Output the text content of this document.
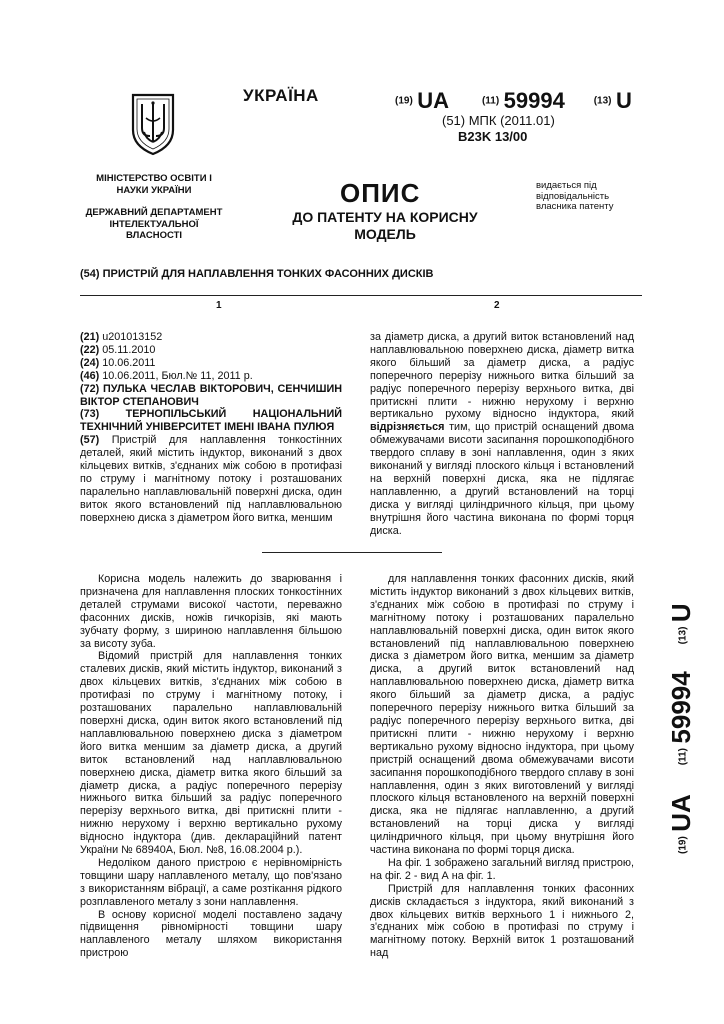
УКРАЇНА	(19) UA	(11) 59994	(13) U
(51) МПК (2011.01)
B23K 13/00
МІНІСТЕРСТВО ОСВІТИ І НАУКИ УКРАЇНИ
ДЕРЖАВНИЙ ДЕПАРТАМЕНТ ІНТЕЛЕКТУАЛЬНОЇ ВЛАСНОСТІ
ОПИС
ДО ПАТЕНТУ НА КОРИСНУ МОДЕЛЬ
видається під відповідальність власника патенту
(54) ПРИСТРІЙ ДЛЯ НАПЛАВЛЕННЯ ТОНКИХ ФАСОННИХ ДИСКІВ
1	2

(21) u201013152

(22) 05.11.2010

(24) 10.06.2011

(46) 10.06.2011, Бюл.№ 11, 2011 р.

(72) ПУЛЬКА ЧЕСЛАВ ВІКТОРОВИЧ, СЕНЧИШИН ВІКТОР СТЕПАНОВИЧ

(73) ТЕРНОПІЛЬСЬКИЙ НАЦІОНАЛЬНИЙ ТЕХНІЧНИЙ УНІВЕРСИТЕТ ІМЕНІ ІВАНА ПУЛЮЯ

(57) Пристрій для наплавлення тонкостінних деталей, який містить індуктор, виконаний з двох кільцевих витків, з'єднаних між собою в протифазі по струму і магнітному потоку і розташованих паралельно наплавлювальній поверхні диска, один виток якого встановлений під наплавлювальною поверхнею диска з діаметром його витка, меншим

за діаметр диска, а другий виток встановлений над наплавлювальною поверхнею диска, діаметр витка якого більший за діаметр диска, а радіус поперечного перерізу нижнього витка більший за радіус поперечного перерізу верхнього витка, дві притискні плити - нижню нерухому і верхню вертикально рухому відносно індуктора, який відрізняється тим, що пристрій оснащений двома обмежувачами висоти засипання порошкоподібного твердого сплаву в зоні наплавлення, один з яких виконаний у вигляді плоского кільця і встановлений на верхній поверхні диска, яка не підлягає наплавленню, а другий встановлений на торці диска у вигляді циліндричного кільця, при цьому внутрішня його частина виконана по формі торця диска.

Корисна модель належить до зварювання і призначена для наплавлення плоских тонкостінних деталей струмами високої частоти, переважно фасонних дисків, ножів гичкорізів, які мають зубчату форму, з шириною наплавлення більшою за висоту зуба.

Відомий пристрій для наплавлення тонких сталевих дисків, який містить індуктор, виконаний з двох кільцевих витків, з'єднаних між собою в протифазі по струму і магнітному потоку, і розташованих паралельно наплавлювальній поверхні диска, один виток якого встановлений під наплавлювальною поверхнею диска з діаметром його витка меншим за діаметр диска, а другий виток встановлений над наплавлювальною поверхнею диска, діаметр витка якого більший за діаметр диска, а радіус поперечного перерізу нижнього витка більший за радіус поперечного перерізу верхнього витка, дві притискні плити - нижню нерухому і верхню вертикально рухому відносно індуктора (див. деклараційний патент України № 68940А, Бюл. №8, 16.08.2004 р.).

Недоліком даного пристрою є нерівномірність товщини шару наплавленого металу, що пов'язано з використанням вібрації, а саме розтікання рідкого розплавленого металу з зони наплавлення.

В основу корисної моделі поставлено задачу підвищення рівномірності товщини шару наплавленого металу шляхом використання пристрою

для наплавлення тонких фасонних дисків, який містить індуктор виконаний з двох кільцевих витків, з'єднаних між собою в протифазі по струму і магнітному потоку і розташованих паралельно наплавлювальній поверхні диска, один виток якого встановлений під наплавлювальною поверхнею диска з діаметром його витка, меншим за діаметр диска, а другий виток встановлений над наплавлювальною поверхнею диска, діаметр витка якого більший за діаметр диска, а радіус поперечного перерізу нижнього витка більший за радіус поперечного перерізу верхнього витка, дві притискні плити - нижню нерухому і верхню вертикально рухому відносно індуктора, при цьому пристрій оснащений двома обмежувачами висоти засипання порошкоподібного твердого сплаву в зоні наплавлення, один з яких виготовлений у вигляді плоского кільця встановленого на верхній поверхні диска, яка не підлягає наплавленню, а другий встановлений на торці диска у вигляді циліндричного кільця, при цьому внутрішня його частина виконана по формі торця диска.

На фіг. 1 зображено загальний вигляд пристрою, на фіг. 2 - вид А на фіг. 1.

Пристрій для наплавлення тонких фасонних дисків складається з індуктора, який виконаний з двох кільцевих витків верхнього 1 і нижнього 2, з'єднаних між собою в протифазі по струму і магнітному потоку. Верхній виток 1 розташований над

(19) UA  (11) 59994  (13) U
